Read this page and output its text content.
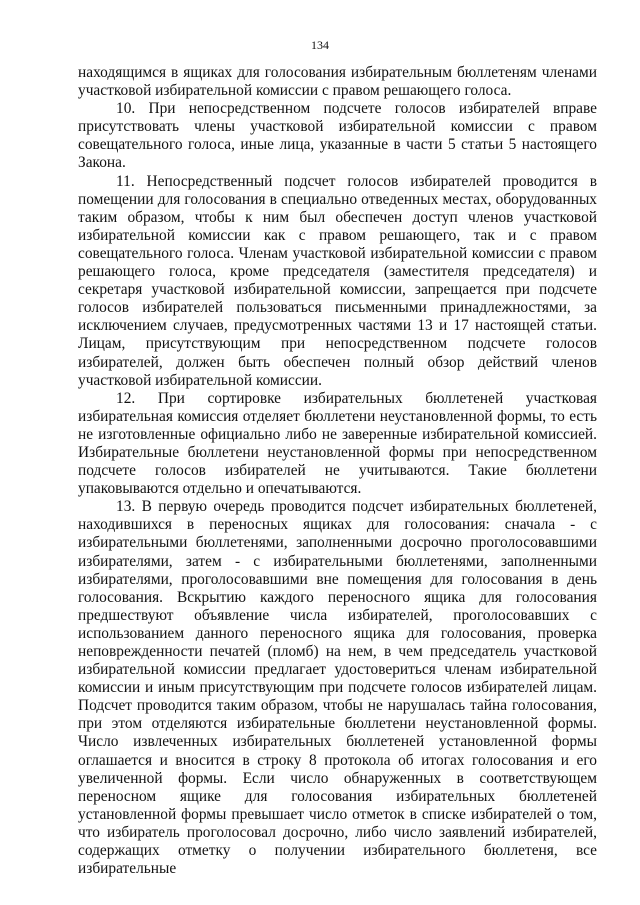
134

находящимся в ящиках для голосования избирательным бюллетеням членами участковой избирательной комиссии с правом решающего голоса.

10. При непосредственном подсчете голосов избирателей вправе присутствовать члены участковой избирательной комиссии с правом совещательного голоса, иные лица, указанные в части 5 статьи 5 настоящего Закона.

11. Непосредственный подсчет голосов избирателей проводится в помещении для голосования в специально отведенных местах, оборудованных таким образом, чтобы к ним был обеспечен доступ членов участковой избирательной комиссии как с правом решающего, так и с правом совещательного голоса. Членам участковой избирательной комиссии с правом решающего голоса, кроме председателя (заместителя председателя) и секретаря участковой избирательной комиссии, запрещается при подсчете голосов избирателей пользоваться письменными принадлежностями, за исключением случаев, предусмотренных частями 13 и 17 настоящей статьи. Лицам, присутствующим при непосредственном подсчете голосов избирателей, должен быть обеспечен полный обзор действий членов участковой избирательной комиссии.

12. При сортировке избирательных бюллетеней участковая избирательная комиссия отделяет бюллетени неустановленной формы, то есть не изготовленные официально либо не заверенные избирательной комиссией. Избирательные бюллетени неустановленной формы при непосредственном подсчете голосов избирателей не учитываются. Такие бюллетени упаковываются отдельно и опечатываются.

13. В первую очередь проводится подсчет избирательных бюллетеней, находившихся в переносных ящиках для голосования: сначала - с избирательными бюллетенями, заполненными досрочно проголосовавшими избирателями, затем - с избирательными бюллетенями, заполненными избирателями, проголосовавшими вне помещения для голосования в день голосования. Вскрытию каждого переносного ящика для голосования предшествуют объявление числа избирателей, проголосовавших с использованием данного переносного ящика для голосования, проверка неповрежденности печатей (пломб) на нем, в чем председатель участковой избирательной комиссии предлагает удостовериться членам избирательной комиссии и иным присутствующим при подсчете голосов избирателей лицам. Подсчет проводится таким образом, чтобы не нарушалась тайна голосования, при этом отделяются избирательные бюллетени неустановленной формы. Число извлеченных избирательных бюллетеней установленной формы оглашается и вносится в строку 8 протокола об итогах голосования и его увеличенной формы. Если число обнаруженных в соответствующем переносном ящике для голосования избирательных бюллетеней установленной формы превышает число отметок в списке избирателей о том, что избиратель проголосовал досрочно, либо число заявлений избирателей, содержащих отметку о получении избирательного бюллетеня, все избирательные
